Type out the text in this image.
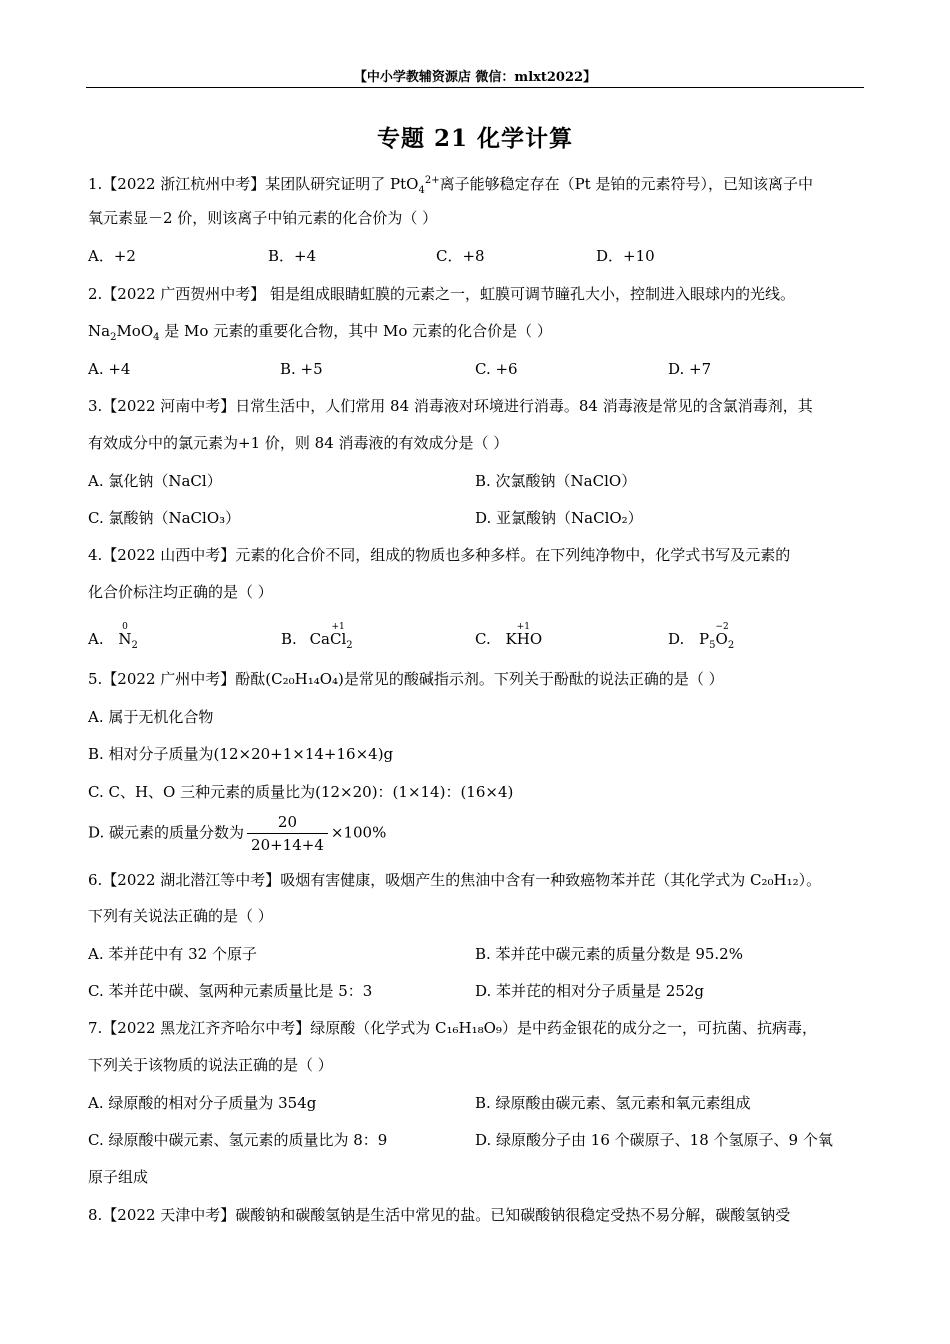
【中小学教辅资源店 微信：mlxt2022】
专题 21 化学计算
1.【2022 浙江杭州中考】某团队研究证明了 PtO$_4^{2+}$离子能够稳定存在（Pt 是铂的元素符号），已知该离子中
氧元素显－2 价，则该离子中铂元素的化合价为（ ）
A．+2	B．+4	C．+8	D．+10
2.【2022 广西贺州中考】 钼是组成眼睛虹膜的元素之一，虹膜可调节瞳孔大小，控制进入眼球内的光线。
$Na_2MoO_4$ 是 Mo 元素的重要化合物，其中 Mo 元素的化合价是（ ）
A. +4	B. +5	C. +6	D. +7
3.【2022 河南中考】日常生活中，人们常用 84 消毒液对环境进行消毒。84 消毒液是常见的含氯消毒剂，其
有效成分中的氯元素为+1 价，则 84 消毒液的有效成分是（ ）
A. 氯化钠（NaCl）	B. 次氯酸钠（NaClO）
C. 氯酸钠（NaClO₃）	D. 亚氯酸钠（NaClO₂）
4.【2022 山西中考】元素的化合价不同，组成的物质也多种多样。在下列纯净物中，化学式书写及元素的
化合价标注均正确的是（ ）
A.
0
$N_2$	B. Ca
+1
$Cl_2$	C. K
+1
HO	D. $P_5$
−2
$O_2$
5.【2022 广州中考】酚酞(C₂₀H₁₄O₄)是常见的酸碱指示剂。下列关于酚酞的说法正确的是（ ）
A. 属于无机化合物
B. 相对分子质量为(12×20+1×14+16×4)g
C. C、H、O 三种元素的质量比为(12×20)：(1×14)：(16×4)
D. 碳元素的质量分数为 $\frac{20}{20+14+4} \times 100\%$
6.【2022 湖北潜江等中考】吸烟有害健康，吸烟产生的焦油中含有一种致癌物苯并芘（其化学式为 C₂₀H₁₂）。
下列有关说法正确的是（ ）
A. 苯并芘中有 32 个原子	B. 苯并芘中碳元素的质量分数是 95.2%
C. 苯并芘中碳、氢两种元素质量比是 5：3	D. 苯并芘的相对分子质量是 252g
7.【2022 黑龙江齐齐哈尔中考】绿原酸（化学式为 C₁₆H₁₈O₉）是中药金银花的成分之一，可抗菌、抗病毒，
下列关于该物质的说法正确的是（ ）
A. 绿原酸的相对分子质量为 354g	B. 绿原酸由碳元素、氢元素和氧元素组成
C. 绿原酸中碳元素、氢元素的质量比为 8：9	D. 绿原酸分子由 16 个碳原子、18 个氢原子、9 个氧
原子组成
8.【2022 天津中考】碳酸钠和碳酸氢钠是生活中常见的盐。已知碳酸钠很稳定受热不易分解，碳酸氢钠受
